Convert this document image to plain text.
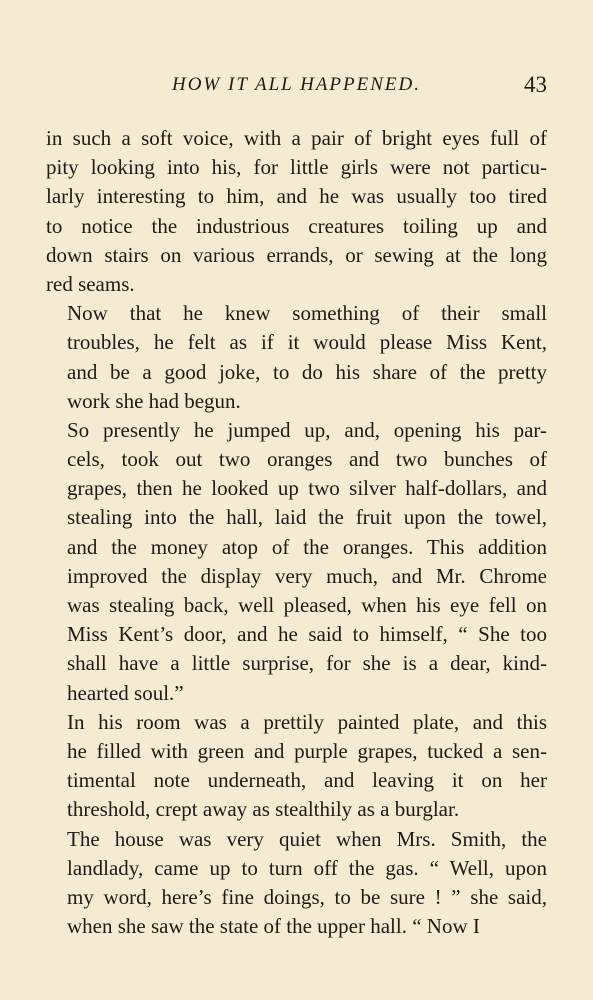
HOW IT ALL HAPPENED.	43
in such a soft voice, with a pair of bright eyes full of
pity looking into his, for little girls were not particu-
larly interesting to him, and he was usually too tired
to notice the industrious creatures toiling up and
down stairs on various errands, or sewing at the long
red seams.
Now that he knew something of their small
troubles, he felt as if it would please Miss Kent,
and be a good joke, to do his share of the pretty
work she had begun.
So presently he jumped up, and, opening his par-
cels, took out two oranges and two bunches of
grapes, then he looked up two silver half-dollars, and
stealing into the hall, laid the fruit upon the towel,
and the money atop of the oranges. This addition
improved the display very much, and Mr. Chrome
was stealing back, well pleased, when his eye fell on
Miss Kent’s door, and he said to himself, “ She too
shall have a little surprise, for she is a dear, kind-
hearted soul.”
In his room was a prettily painted plate, and this
he filled with green and purple grapes, tucked a sen-
timental note underneath, and leaving it on her
threshold, crept away as stealthily as a burglar.
The house was very quiet when Mrs. Smith, the
landlady, came up to turn off the gas. “ Well, upon
my word, here’s fine doings, to be sure ! ” she said,
when she saw the state of the upper hall. “ Now I
